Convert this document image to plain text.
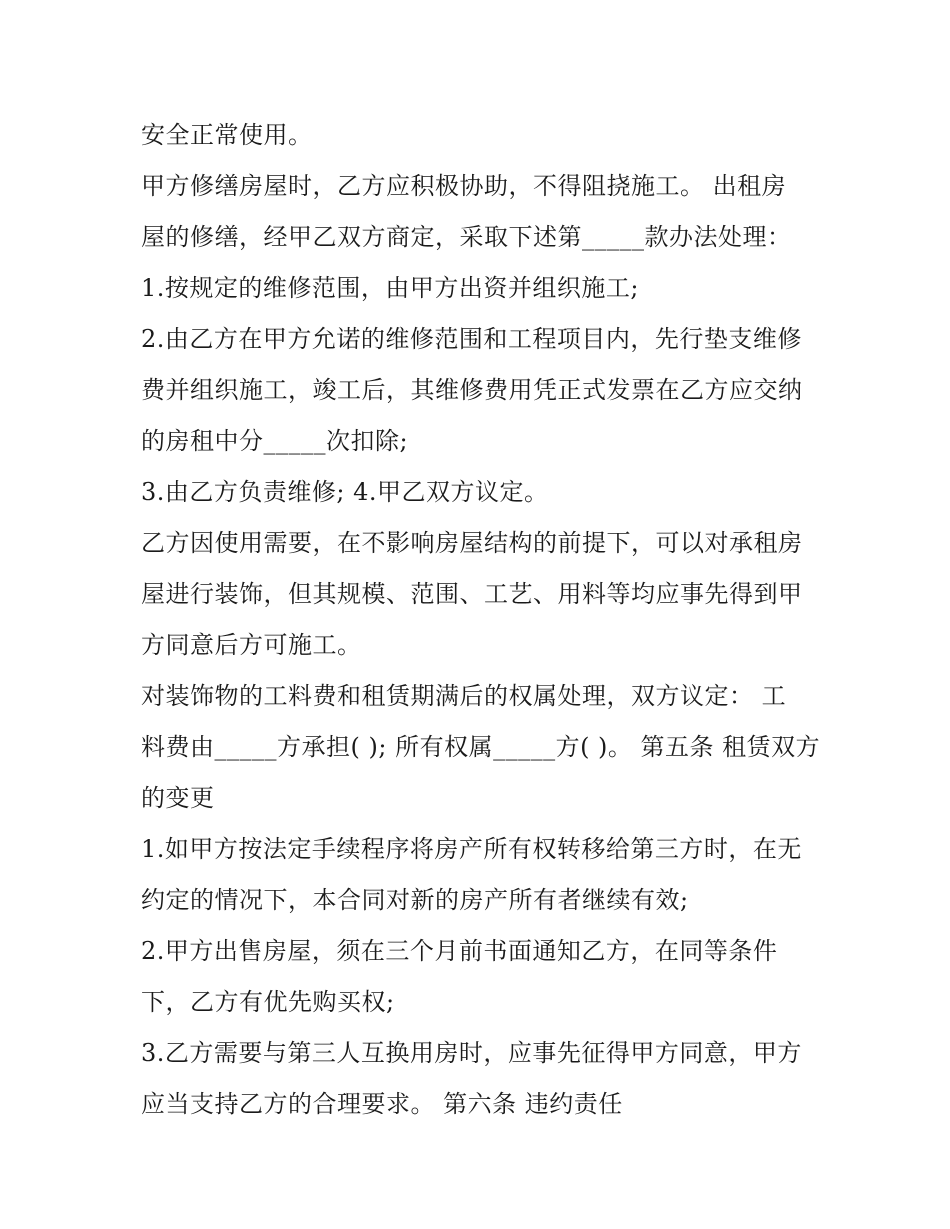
安全正常使用。
甲方修缮房屋时，乙方应积极协助，不得阻挠施工。 出租房
屋的修缮，经甲乙双方商定，采取下述第_____款办法处理：
1.按规定的维修范围，由甲方出资并组织施工;
2.由乙方在甲方允诺的维修范围和工程项目内，先行垫支维修
费并组织施工，竣工后，其维修费用凭正式发票在乙方应交纳
的房租中分_____次扣除;
3.由乙方负责维修; 4.甲乙双方议定。
乙方因使用需要，在不影响房屋结构的前提下，可以对承租房
屋进行装饰，但其规模、范围、工艺、用料等均应事先得到甲
方同意后方可施工。
对装饰物的工料费和租赁期满后的权属处理，双方议定： 工
料费由_____方承担( ); 所有权属_____方( )。 第五条 租赁双方
的变更
1.如甲方按法定手续程序将房产所有权转移给第三方时，在无
约定的情况下，本合同对新的房产所有者继续有效;
2.甲方出售房屋，须在三个月前书面通知乙方，在同等条件
下，乙方有优先购买权;
3.乙方需要与第三人互换用房时，应事先征得甲方同意，甲方
应当支持乙方的合理要求。 第六条 违约责任
